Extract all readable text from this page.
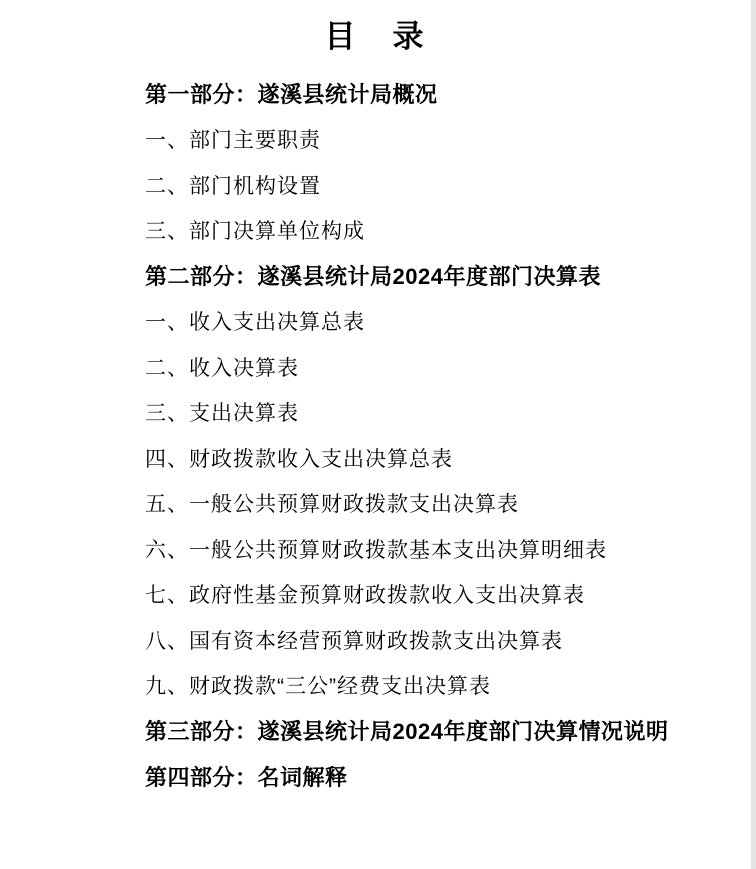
目　录
第一部分：遂溪县统计局概况
一、部门主要职责
二、部门机构设置
三、部门决算单位构成
第二部分：遂溪县统计局2024年度部门决算表
一、收入支出决算总表
二、收入决算表
三、支出决算表
四、财政拨款收入支出决算总表
五、一般公共预算财政拨款支出决算表
六、一般公共预算财政拨款基本支出决算明细表
七、政府性基金预算财政拨款收入支出决算表
八、国有资本经营预算财政拨款支出决算表
九、财政拨款“三公”经费支出决算表
第三部分：遂溪县统计局2024年度部门决算情况说明
第四部分：名词解释
